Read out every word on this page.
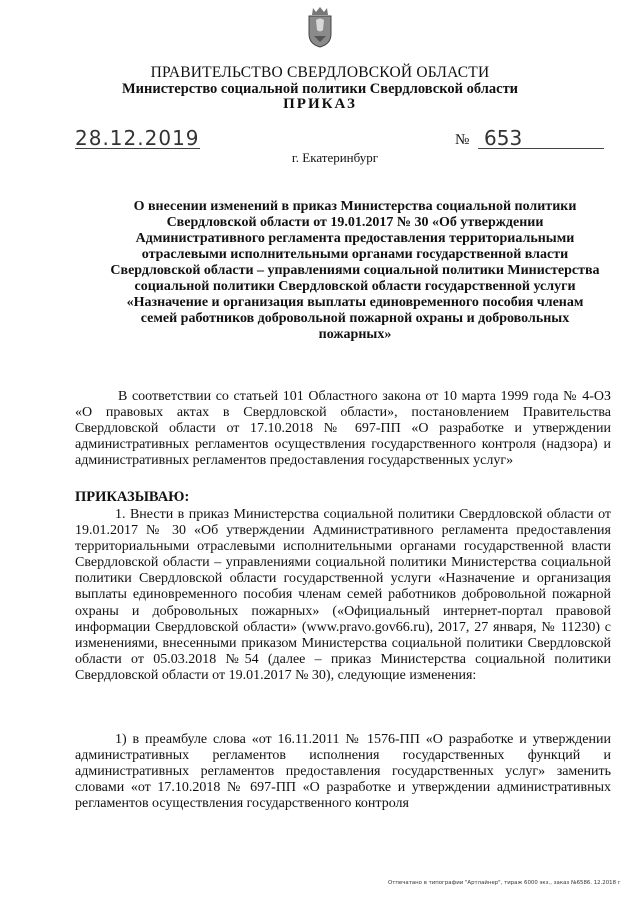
ПРАВИТЕЛЬСТВО СВЕРДЛОВСКОЙ ОБЛАСТИ
Министерство социальной политики Свердловской области
ПРИКАЗ
28.12.2019	№ 653
г. Екатеринбург
О внесении изменений в приказ Министерства социальной политики Свердловской области от 19.01.2017 № 30 «Об утверждении Административного регламента предоставления территориальными отраслевыми исполнительными органами государственной власти Свердловской области – управлениями социальной политики Министерства социальной политики Свердловской области государственной услуги «Назначение и организация выплаты единовременного пособия членам семей работников добровольной пожарной охраны и добровольных пожарных»
В соответствии со статьей 101 Областного закона от 10 марта 1999 года № 4-ОЗ «О правовых актах в Свердловской области», постановлением Правительства Свердловской области от 17.10.2018 № 697-ПП «О разработке и утверждении административных регламентов осуществления государственного контроля (надзора) и административных регламентов предоставления государственных услуг»
ПРИКАЗЫВАЮ:
1. Внести в приказ Министерства социальной политики Свердловской области от 19.01.2017 № 30 «Об утверждении Административного регламента предоставления территориальными отраслевыми исполнительными органами государственной власти Свердловской области – управлениями социальной политики Министерства социальной политики Свердловской области государственной услуги «Назначение и организация выплаты единовременного пособия членам семей работников добровольной пожарной охраны и добровольных пожарных» («Официальный интернет-портал правовой информации Свердловской области» (www.pravo.gov66.ru), 2017, 27 января, № 11230) с изменениями, внесенными приказом Министерства социальной политики Свердловской области от 05.03.2018 №54 (далее – приказ Министерства социальной политики Свердловской области от 19.01.2017 № 30), следующие изменения:
1) в преамбуле слова «от 16.11.2011 № 1576-ПП «О разработке и утверждении административных регламентов исполнения государственных функций и административных регламентов предоставления государственных услуг» заменить словами «от 17.10.2018 № 697-ПП «О разработке и утверждении административных регламентов осуществления государственного контроля
Отпечатано в типографии "Артлайнер", тираж 6000 экз., заказ №6586. 12.2018 г
